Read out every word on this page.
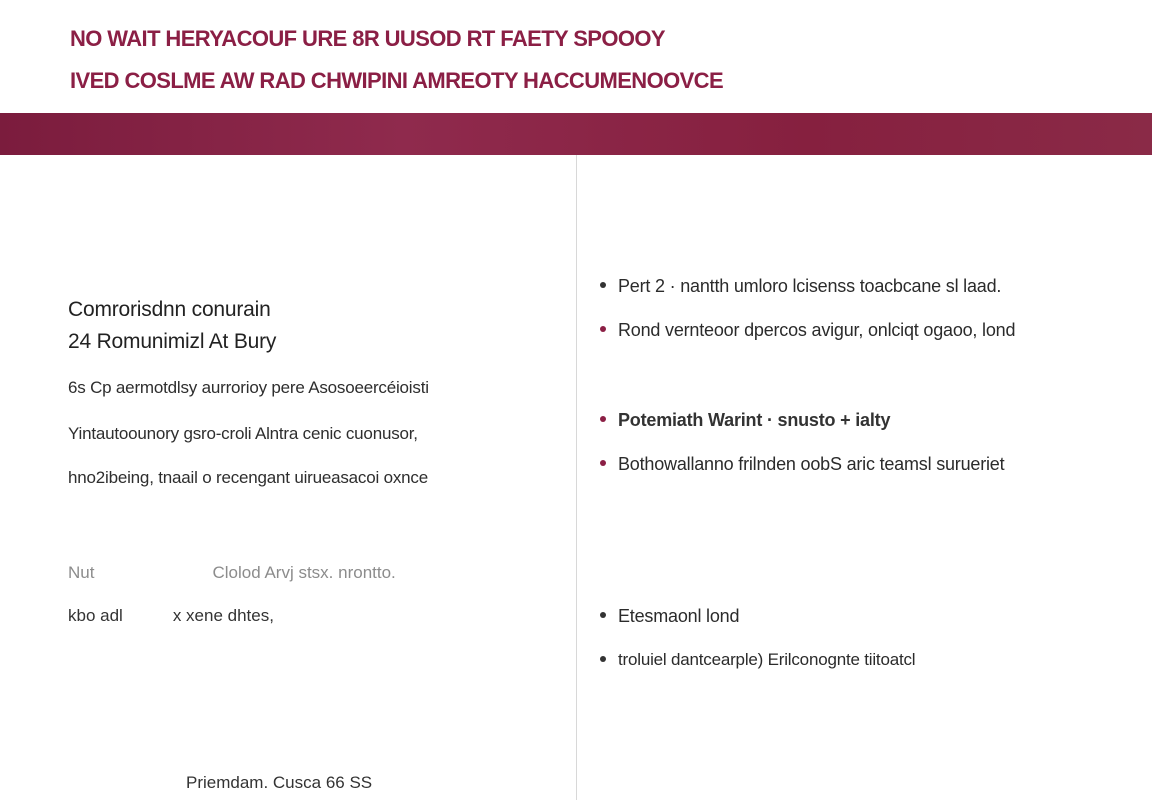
NO WAIT HERYACOUF URE 8R UUSOD RT FAETY SPOOOY

IVED COSLME AW RAD CHWIPINI AMREOTY HACCUMENOOVCE

Comrorisdnn conurain
24 Romunimizl At Bury
6s Cp aermotdlsy aurrorioy pere Asosoeercéioisti
Yintautoounory gsro-croli Alntra cenic cuonusor,
hno2ibeing, tnaail o recengant uirueasacoi oxnce
Nut	Clolod Arvj stsx. nrontto.
kbo adl	x xene dhtes,
Priemdam. Cusca 66 SS
Pert 2 · nantth umloro lcisenss toacbcane sl laad.
Rond vernteoor dpercos avigur, onlciqt ogaoo, lond
Potemiath Warint · snusto + ialty
Bothowallanno frilnden oobS aric teamsl surueriet
Etesmaonl lond
troluiel dantcearple) Erilconognte tiitoatcl
